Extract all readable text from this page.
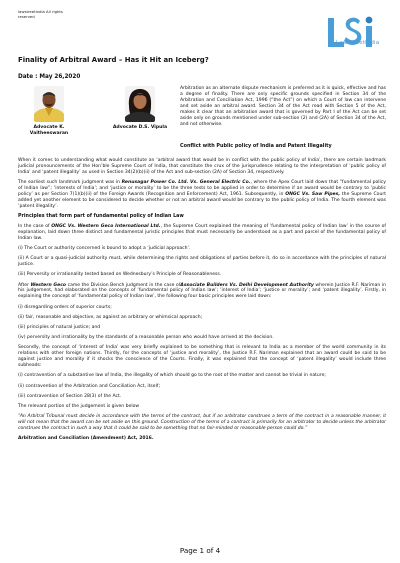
lawstreetindia All rights reserved
LawStreetIndia
Finality of Arbitral Award – Has it Hit an Iceberg?
Date : May 26,2020
Advocate K. Vaitheeswaran
Advocate D.S. Vipula
Arbitration as an alternate dispute mechanism is preferred as it is quick, effective and has a degree of finality. There are only specific grounds specified in Section 34 of the Arbitration and Conciliation Act, 1996 (“the Act”) on which a Court of law can intervene and set aside an arbitral award. Section 34 of the Act read with Section 5 of the Act, makes it clear that an arbitration award that is governed by Part I of the Act can be set aside only on grounds mentioned under sub-section (2) and (2A) of Section 34 of the Act, and not otherwise.
Conflict with Public policy of India and Patent Illegality

When it comes to understanding what would constitute an ‘arbitral award that would be in conflict with the public policy of India’, there are certain landmark judicial pronouncements of the Hon’ble Supreme Court of India, that constitute the crux of the jurisprudence relating to the interpretation of ‘public policy of India’ and ‘patent illegality’ as used in Section 34(2)(b)(ii) of the Act and sub-section (2A) of Section 34, respectively.

The earliest such landmark judgment was in Renusagar Power Co. Ltd. Vs. General Electric Co., where the Apex Court laid down that “fundamental policy of Indian law”; ‘interests of India’; and ‘justice or morality’ to be the three tests to be applied in order to determine if an award would be contrary to ‘public policy’ as per Section 7(1)(b)(ii) of the Foreign Awards (Recognition and Enforcement) Act, 1961. Subsequently, in ONGC Vs. Saw Pipes, the Supreme Court added yet another element to be considered to decide whether or not an arbitral award would be contrary to the public policy of India. The fourth element was ‘patent illegality’.

Principles that form part of fundamental policy of Indian Law

In the case of ONGC Vs. Western Geco International Ltd., the Supreme Court explained the meaning of ‘fundamental policy of Indian law’ in the course of explanation, laid down three distinct and fundamental juristic principles that must necessarily be understood as a part and parcel of the fundamental policy of Indian law.

(i) The Court or authority concerned is bound to adopt a ‘judicial approach’.

(ii) A Court or a quasi-judicial authority must, while determining the rights and obligations of parties before it, do so in accordance with the principles of natural justice.

(iii) Perversity or irrationality tested based on Wednesbury’s Principle of Reasonableness.

After Western Geco came the Division Bench judgment in the case ofAssociate Builders Vs. Delhi Development Authority wherein Justice R.F. Nariman in his judgement, had elaborated on the concepts of ‘fundamental policy of Indian law’; ‘interest of India’; ‘justice or morality’; and ‘patent illegality’. Firstly, in explaining the concept of ‘fundamental policy of Indian law’, the following four basic principles were laid down:

(i) disregarding orders of superior courts;

(ii) fair, reasonable and objective, as against an arbitrary or whimsical approach;

(iii) principles of natural justice; and

(iv) perversity and irrationality by the standards of a reasonable person who would have arrived at the decision.

Secondly, the concept of ‘interest of India’ was very briefly explained to be something that is relevant to India as a member of the world community in its relations with other foreign nations. Thirdly, for the concepts of ‘justice and morality’, the Justice R.F. Nariman explained that an award could be said to be against justice and morality if it shocks the conscience of the Courts. Finally, it was explained that the concept of ‘patent illegality’ would include three subheads:

(i) contravention of a substantive law of India, the illegality of which should go to the root of the matter and cannot be trivial in nature;

(ii) contravention of the Arbitration and Conciliation Act, itself;

(iii) contravention of Section 28(3) of the Act.

The relevant portion of the judgement is given below

“An Arbitral Tribunal must decide in accordance with the terms of the contract, but if an arbitrator construes a term of the contract in a reasonable manner, it will not mean that the award can be set aside on this ground. Construction of the terms of a contract is primarily for an arbitrator to decide unless the arbitrator construes the contract in such a way that it could be said to be something that no fair-minded or reasonable person could do.”

Arbitration and Conciliation (Amendment) Act, 2016.

Page 1 of 4
